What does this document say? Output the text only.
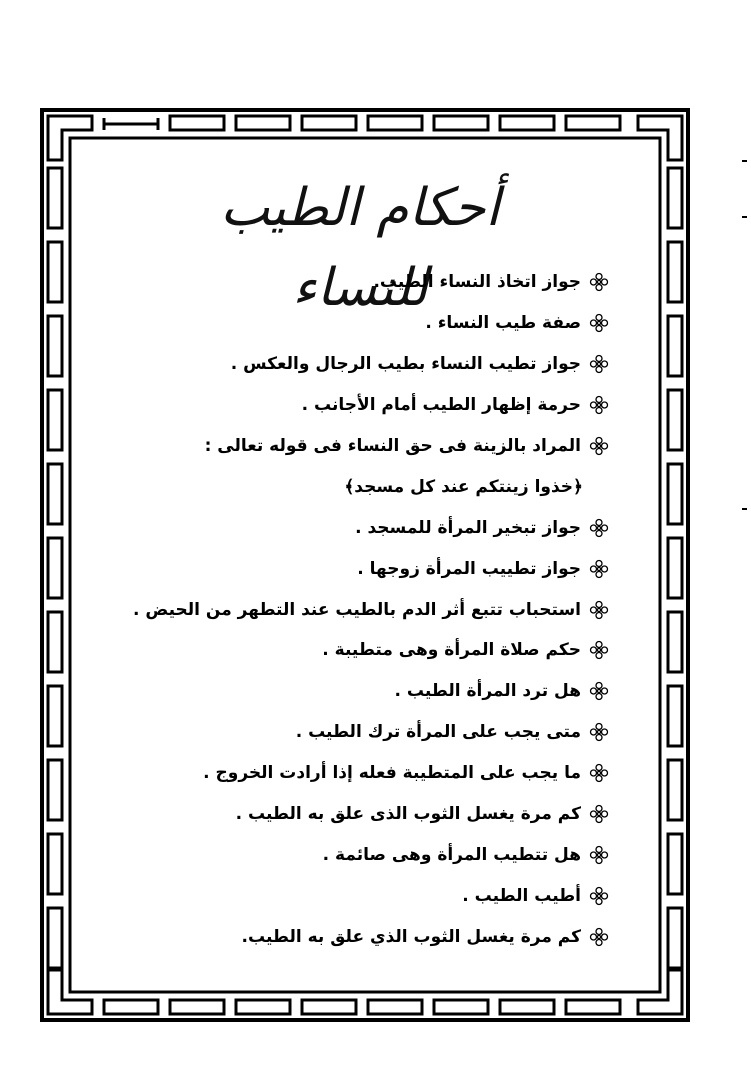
أحكام الطيب للنساء
جواز اتخاذ النساء الطيب.
صفة طيب النساء .
جواز تطيب النساء بطيب الرجال والعكس .
حرمة إظهار الطيب أمام الأجانب .
المراد بالزينة فى حق النساء فى قوله تعالى :
﴿خذوا زينتكم عند كل مسجد﴾
جواز تبخير المرأة للمسجد .
جواز تطييب المرأة زوجها .
استحباب تتبع أثر الدم بالطيب عند التطهر من الحيض .
حكم صلاة المرأة وهى متطيبة .
هل ترد المرأة الطيب .
متى يجب على المرأة ترك الطيب .
ما يجب على المتطيبة فعله إذا أرادت الخروج .
كم مرة يغسل الثوب الذى علق به الطيب .
هل تتطيب المرأة وهى صائمة .
أطيب الطيب .
كم مرة يغسل الثوب الذي علق به الطيب.
